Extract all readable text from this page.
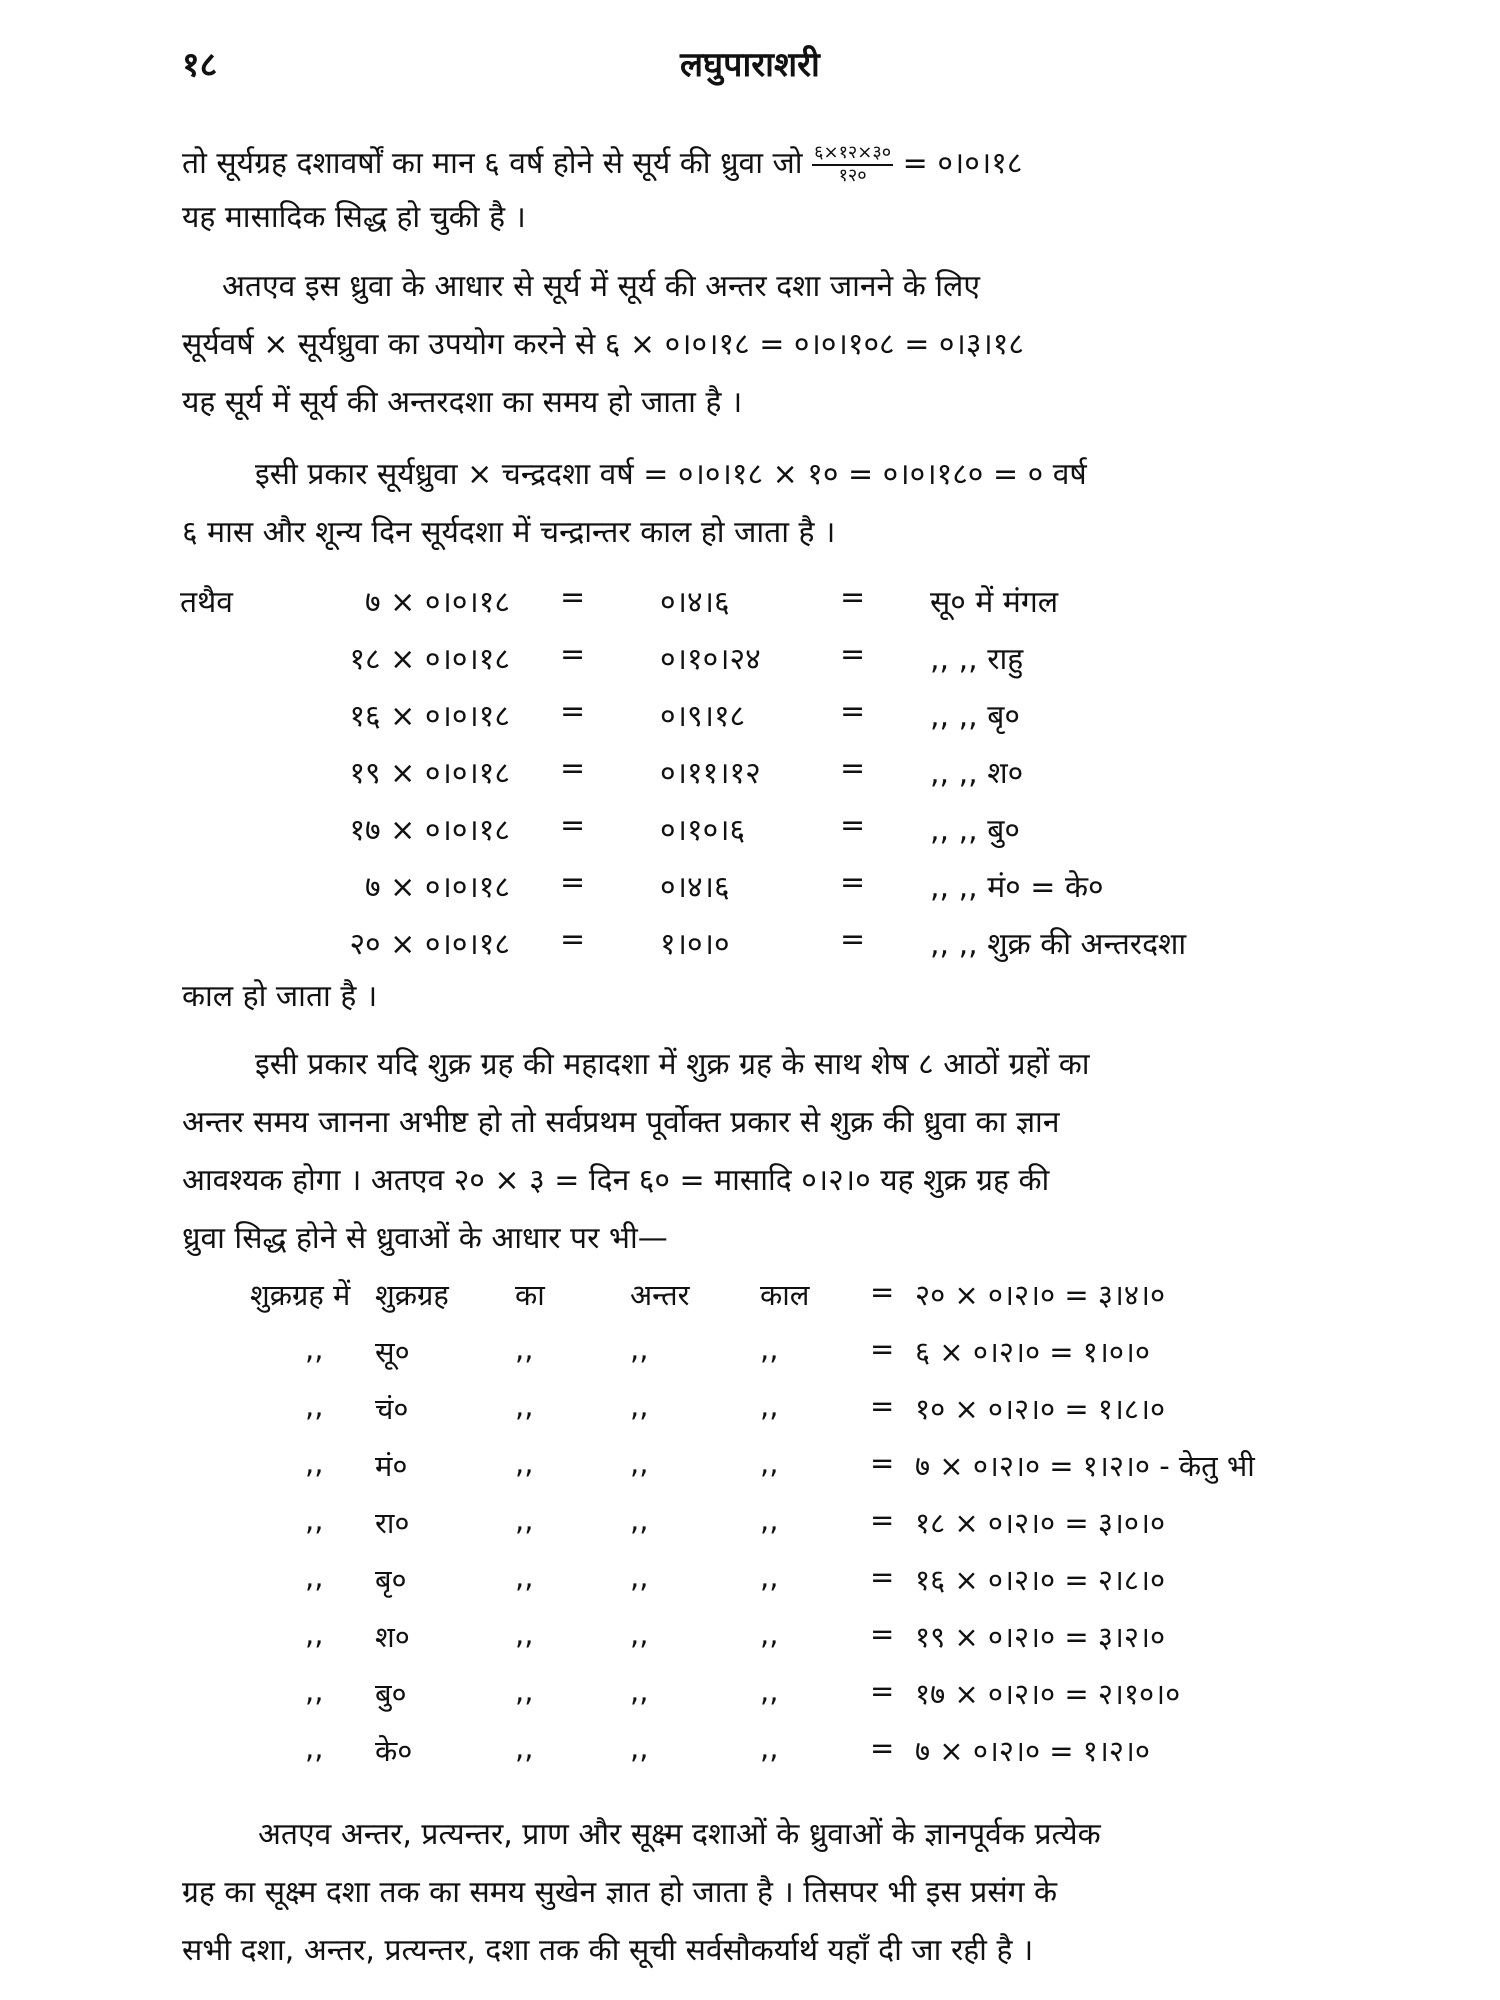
१८	लघुपाराशरी
तो सूर्यग्रह दशावर्षों का मान ६ वर्ष होने से सूर्य की ध्रुवा जो $\frac{६\times १२\times ३०}{१२०}$ = ०।०।१८
यह मासादिक सिद्ध हो चुकी है ।
अतएव इस ध्रुवा के आधार से सूर्य में सूर्य की अन्तर दशा जानने के लिए
सूर्यवर्ष × सूर्यध्रुवा का उपयोग करने से ६ × ०।०।१८ = ०।०।१०८ = ०।३।१८
यह सूर्य में सूर्य की अन्तरदशा का समय हो जाता है ।
इसी प्रकार सूर्यध्रुवा × चन्द्रदशा वर्ष = ०।०।१८ × १० = ०।०।१८० = ० वर्ष
६ मास और शून्य दिन सूर्यदशा में चन्द्रान्तर काल हो जाता है ।
तथैव	७ × ०।०।१८ = ०।४।६	= सू० में मंगल
१८ × ०।०।१८ = ०।१०।२४	= ,, ,, राहु
१६ × ०।०।१८ = ०।९।१८	= ,, ,, बृ०
१९ × ०।०।१८ = ०।११।१२	= ,, ,, श०
१७ × ०।०।१८ = ०।१०।६	= ,, ,, बु०
७ × ०।०।१८ = ०।४।६	= ,, ,, मं० = के०
२० × ०।०।१८ = १।०।०	= ,, ,, शुक्र की अन्तरदशा
काल हो जाता है ।
इसी प्रकार यदि शुक्र ग्रह की महादशा में शुक्र ग्रह के साथ शेष ८ आठों ग्रहों का
अन्तर समय जानना अभीष्ट हो तो सर्वप्रथम पूर्वोक्त प्रकार से शुक्र की ध्रुवा का ज्ञान
आवश्यक होगा । अतएव २० × ३ = दिन ६० = मासादि ०।२।० यह शुक्र ग्रह की
ध्रुवा सिद्ध होने से ध्रुवाओं के आधार पर भी—
शुक्रग्रह में शुक्रग्रह का	अन्तर काल = २० × ०।२।० = ३।४।०
,, सू०	,,	,,	,,	= ६ × ०।२।० = १।०।०
,, चं०	,,	,,	,,	= १० × ०।२।० = १।८।०
,, मं०	,,	,,	,,	= ७ × ०।२।० = १।२।० - केतु भी
,, रा०	,,	,,	,,	= १८ × ०।२।० = ३।०।०
,, बृ०	,,	,,	,,	= १६ × ०।२।० = २।८।०
,, श०	,,	,,	,,	= १९ × ०।२।० = ३।२।०
,, बु०	,,	,,	,,	= १७ × ०।२।० = २।१०।०
,, के०	,,	,,	,,	= ७ × ०।२।० = १।२।०
अतएव अन्तर, प्रत्यन्तर, प्राण और सूक्ष्म दशाओं के ध्रुवाओं के ज्ञानपूर्वक प्रत्येक
ग्रह का सूक्ष्म दशा तक का समय सुखेन ज्ञात हो जाता है । तिसपर भी इस प्रसंग के
सभी दशा, अन्तर, प्रत्यन्तर, दशा तक की सूची सर्वसौकर्यार्थ यहाँ दी जा रही है ।
